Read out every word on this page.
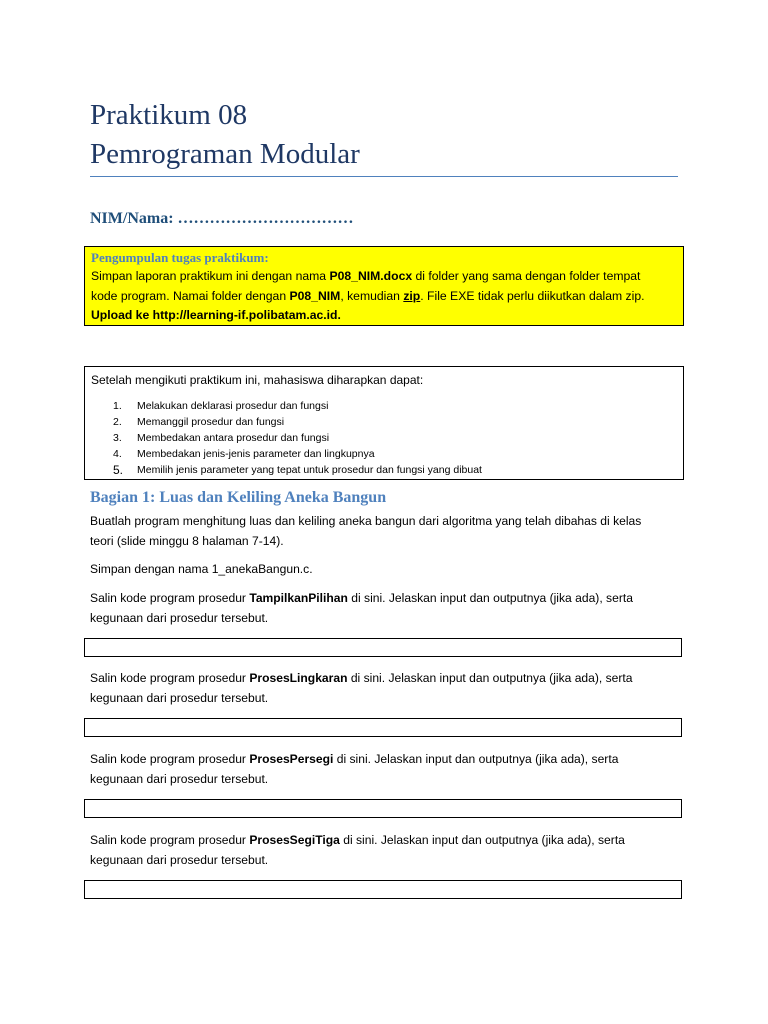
Praktikum 08
Pemrograman Modular
NIM/Nama: ……………………………
Pengumpulan tugas praktikum:
Simpan laporan praktikum ini dengan nama P08_NIM.docx di folder yang sama dengan folder tempat
kode program. Namai folder dengan P08_NIM, kemudian zip. File EXE tidak perlu diikutkan dalam zip.
Upload ke http://learning-if.polibatam.ac.id.
Setelah mengikuti praktikum ini, mahasiswa diharapkan dapat:
1.	Melakukan deklarasi prosedur dan fungsi
2.	Memanggil prosedur dan fungsi
3.	Membedakan antara prosedur dan fungsi
4.	Membedakan jenis-jenis parameter dan lingkupnya
5.	Memilih jenis parameter yang tepat untuk prosedur dan fungsi yang dibuat
Bagian 1: Luas dan Keliling Aneka Bangun
Buatlah program menghitung luas dan keliling aneka bangun dari algoritma yang telah dibahas di kelas
teori (slide minggu 8 halaman 7-14).
Simpan dengan nama 1_anekaBangun.c.
Salin kode program prosedur TampilkanPilihan di sini. Jelaskan input dan outputnya (jika ada), serta
kegunaan dari prosedur tersebut.
Salin kode program prosedur ProsesLingkaran di sini. Jelaskan input dan outputnya (jika ada), serta
kegunaan dari prosedur tersebut.
Salin kode program prosedur ProsesPersegi di sini. Jelaskan input dan outputnya (jika ada), serta
kegunaan dari prosedur tersebut.
Salin kode program prosedur ProsesSegiTiga di sini. Jelaskan input dan outputnya (jika ada), serta
kegunaan dari prosedur tersebut.
